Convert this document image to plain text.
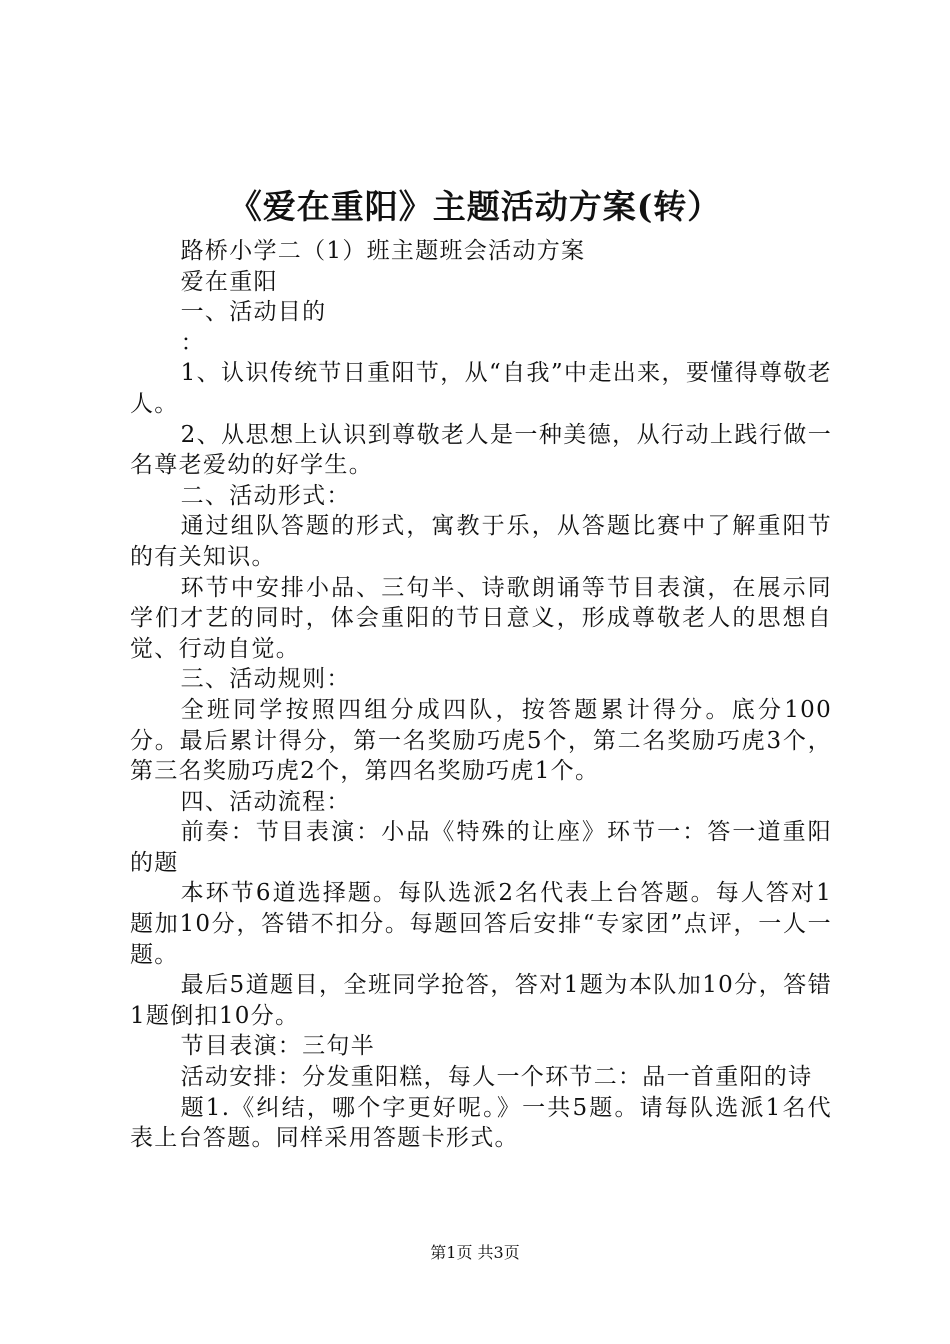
《爱在重阳》主题活动方案(转）

路桥小学二（1）班主题班会活动方案

爱在重阳

一、活动目的

：

1、认识传统节日重阳节，从“自我”中走出来，要懂得尊敬老人。

2、从思想上认识到尊敬老人是一种美德，从行动上践行做一名尊老爱幼的好学生。

二、活动形式：

通过组队答题的形式，寓教于乐，从答题比赛中了解重阳节的有关知识。

环节中安排小品、三句半、诗歌朗诵等节目表演，在展示同学们才艺的同时，体会重阳的节日意义，形成尊敬老人的思想自觉、行动自觉。

三、活动规则：

全班同学按照四组分成四队，按答题累计得分。底分100分。最后累计得分，第一名奖励巧虎5个，第二名奖励巧虎3个，第三名奖励巧虎2个，第四名奖励巧虎1个。

四、活动流程：

前奏：节目表演：小品《特殊的让座》环节一：答一道重阳的题

本环节6道选择题。每队选派2名代表上台答题。每人答对1题加10分，答错不扣分。每题回答后安排“专家团”点评，一人一题。

最后5道题目，全班同学抢答，答对1题为本队加10分，答错1题倒扣10分。

节目表演：三句半

活动安排：分发重阳糕，每人一个环节二：品一首重阳的诗

题1.《纠结，哪个字更好呢。》一共5题。请每队选派1名代表上台答题。同样采用答题卡形式。

第1页 共3页
